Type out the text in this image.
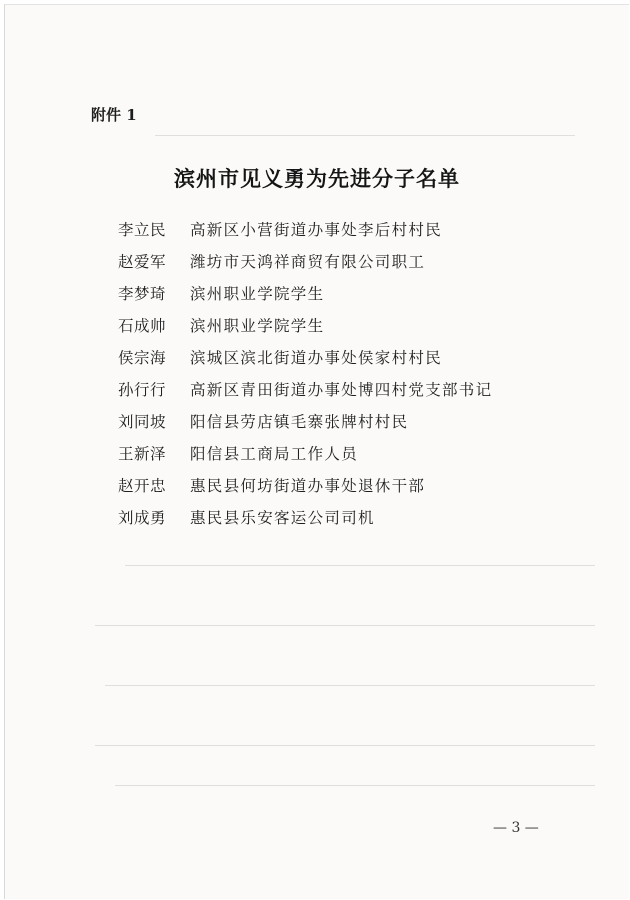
附件 1
滨州市见义勇为先进分子名单
李立民	高新区小营街道办事处李后村村民
赵爱军	潍坊市天鸿祥商贸有限公司职工
李梦琦	滨州职业学院学生
石成帅	滨州职业学院学生
侯宗海	滨城区滨北街道办事处侯家村村民
孙行行	高新区青田街道办事处博四村党支部书记
刘同坡	阳信县劳店镇毛寨张牌村村民
王新泽	阳信县工商局工作人员
赵开忠	惠民县何坊街道办事处退休干部
刘成勇	惠民县乐安客运公司司机
— 3 —
